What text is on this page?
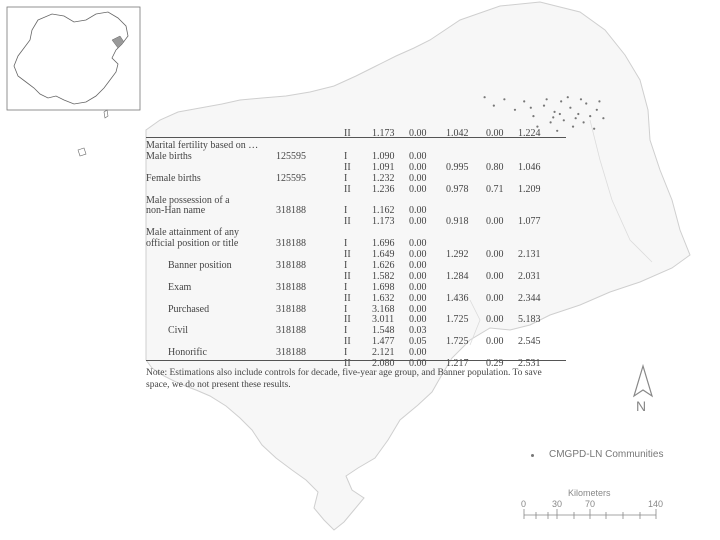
II 1.173 0.00 1.042 0.00 1.224
Marital fertility based on …
Male births	125595	I 1.090 0.00
II 1.091 0.00 0.995 0.80 1.046
Female births	125595	I 1.232 0.00
II 1.236 0.00 0.978 0.71 1.209
Male possession of a
non-Han name	318188	I 1.162 0.00
II 1.173 0.00 0.918 0.00 1.077
Male attainment of any
official position or title	318188	I 1.696 0.00
II 1.649 0.00 1.292 0.00 2.131
Banner position	318188	I 1.626 0.00
II 1.582 0.00 1.284 0.00 2.031
Exam	318188	I 1.698 0.00
II 1.632 0.00 1.436 0.00 2.344
Purchased	318188	I 3.168 0.00
II 3.011 0.00 1.725 0.00 5.183
Civil	318188	I 1.548 0.03
II 1.477 0.05 1.725 0.00 2.545
Honorific	318188	I 2.121 0.00
II 2.080 0.00 1.217 0.29 2.531
Note: Estimations also include controls for decade, five-year age group, and Banner population. To save
space, we do not present these results.
CMGPD-LN Communities
N
Kilometers
0	30	70	140
